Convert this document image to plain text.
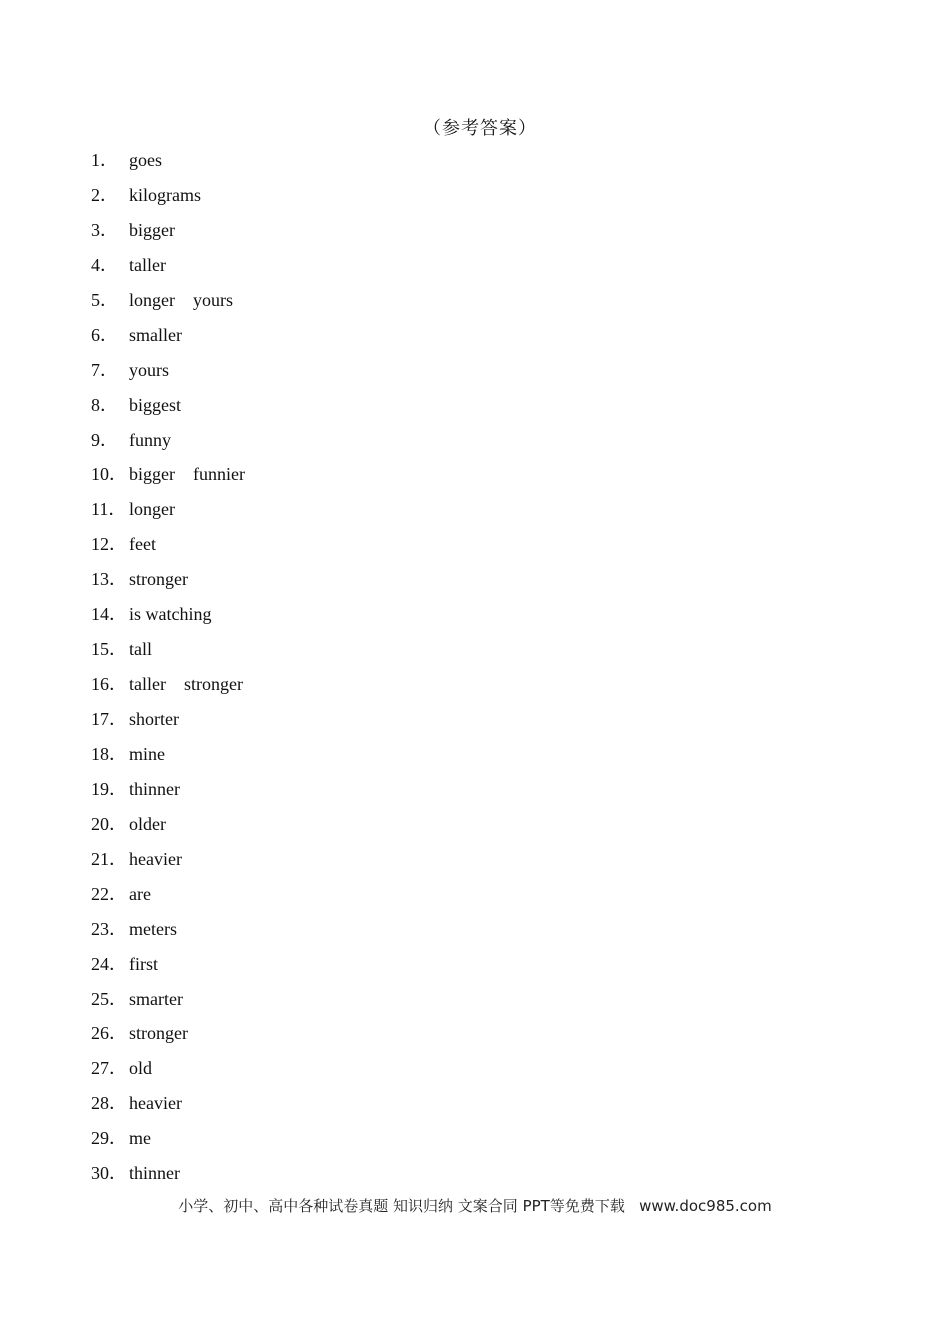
（参考答案）
1． goes
2． kilograms
3． bigger
4． taller
5． longer    yours
6． smaller
7． yours
8． biggest
9． funny
10． bigger    funnier
11． longer
12． feet
13． stronger
14． is watching
15． tall
16． taller    stronger
17． shorter
18． mine
19． thinner
20． older
21． heavier
22． are
23． meters
24． first
25． smarter
26． stronger
27． old
28． heavier
29． me
30． thinner
小学、初中、高中各种试卷真题 知识归纳 文案合同 PPT等免费下载   www.doc985.com
